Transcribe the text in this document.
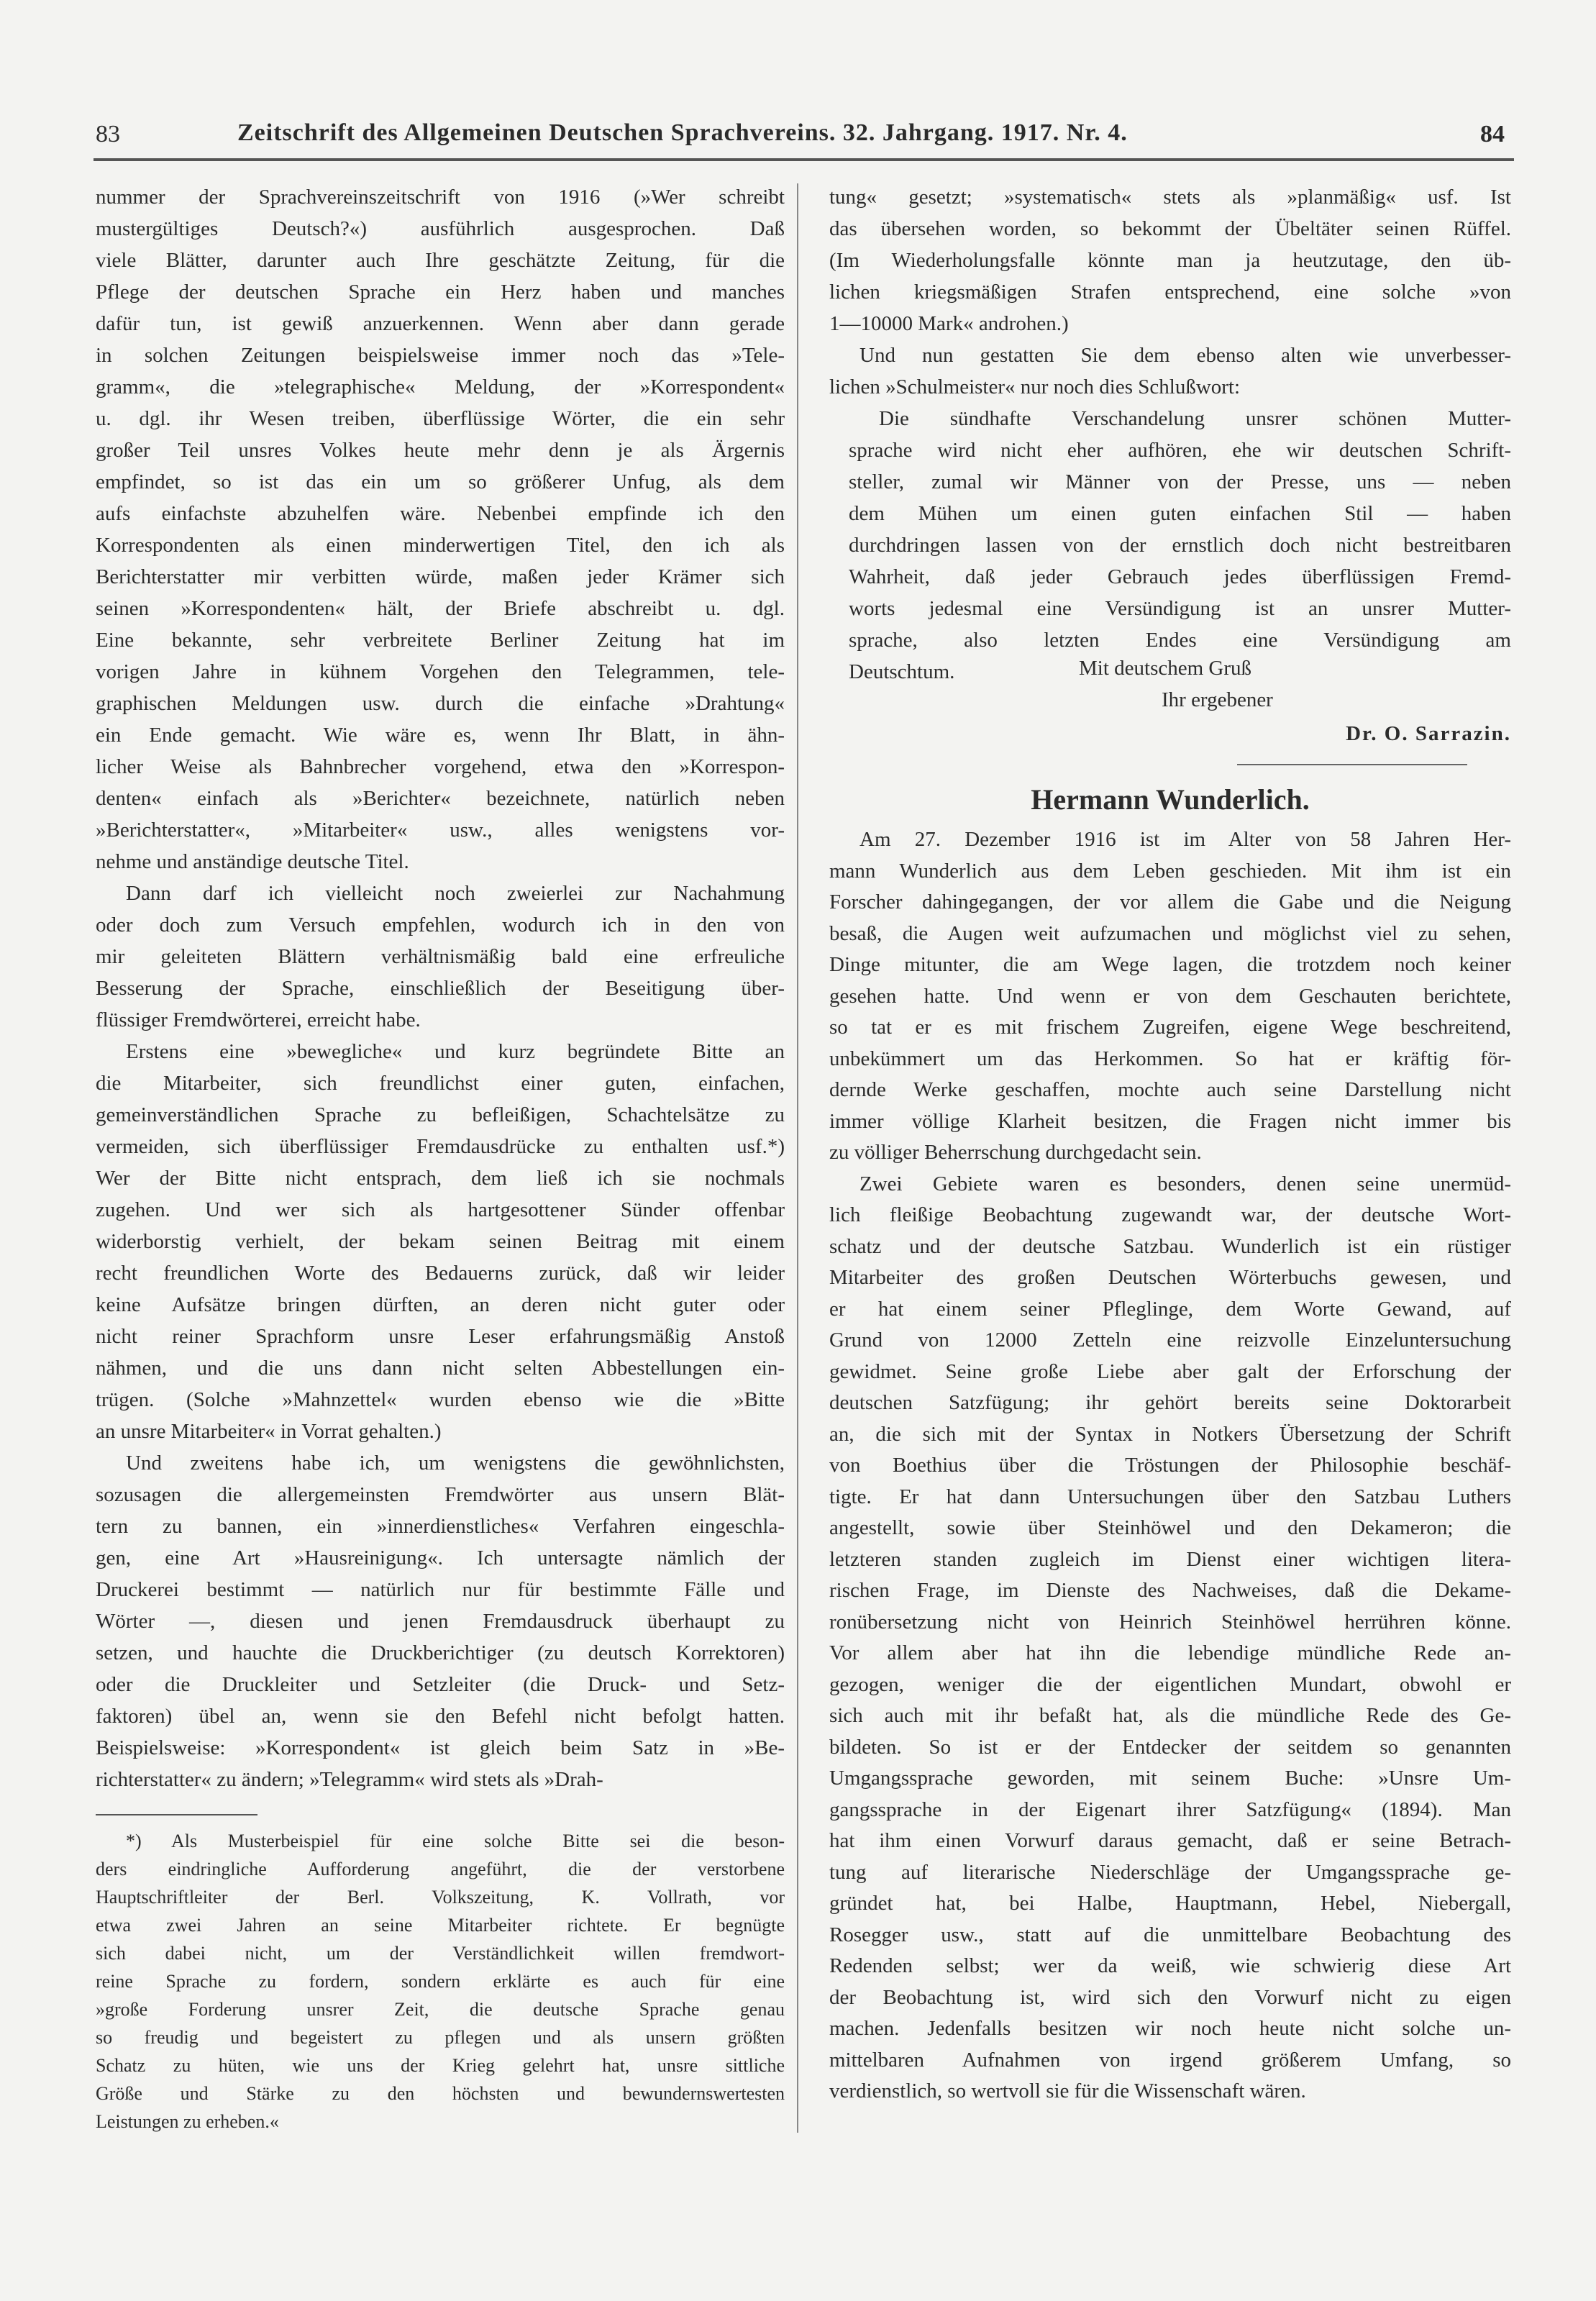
83	Zeitschrift des Allgemeinen Deutschen Sprachvereins. 32. Jahrgang. 1917. Nr. 4.	84
nummer der Sprachvereinszeitschrift von 1916 (»Wer schreibt
mustergültiges Deutsch?«) ausführlich ausgesprochen. Daß
viele Blätter, darunter auch Ihre geschätzte Zeitung, für die
Pflege der deutschen Sprache ein Herz haben und manches
dafür tun, ist gewiß anzuerkennen. Wenn aber dann gerade
in solchen Zeitungen beispielsweise immer noch das »Tele-
gramm«, die »telegraphische« Meldung, der »Korrespondent«
u. dgl. ihr Wesen treiben, überflüssige Wörter, die ein sehr
großer Teil unsres Volkes heute mehr denn je als Ärgernis
empfindet, so ist das ein um so größerer Unfug, als dem
aufs einfachste abzuhelfen wäre. Nebenbei empfinde ich den
Korrespondenten als einen minderwertigen Titel, den ich als
Berichterstatter mir verbitten würde, maßen jeder Krämer sich
seinen »Korrespondenten« hält, der Briefe abschreibt u. dgl.
Eine bekannte, sehr verbreitete Berliner Zeitung hat im
vorigen Jahre in kühnem Vorgehen den Telegrammen, tele-
graphischen Meldungen usw. durch die einfache »Drahtung«
ein Ende gemacht. Wie wäre es, wenn Ihr Blatt, in ähn-
licher Weise als Bahnbrecher vorgehend, etwa den »Korrespon-
denten« einfach als »Berichter« bezeichnete, natürlich neben
»Berichterstatter«, »Mitarbeiter« usw., alles wenigstens vor-
nehme und anständige deutsche Titel.
Dann darf ich vielleicht noch zweierlei zur Nachahmung
oder doch zum Versuch empfehlen, wodurch ich in den von
mir geleiteten Blättern verhältnismäßig bald eine erfreuliche
Besserung der Sprache, einschließlich der Beseitigung über-
flüssiger Fremdwörterei, erreicht habe.
Erstens eine »bewegliche« und kurz begründete Bitte an
die Mitarbeiter, sich freundlichst einer guten, einfachen,
gemeinverständlichen Sprache zu befleißigen, Schachtelsätze zu
vermeiden, sich überflüssiger Fremdausdrücke zu enthalten usf.*)
Wer der Bitte nicht entsprach, dem ließ ich sie nochmals
zugehen. Und wer sich als hartgesottener Sünder offenbar
widerborstig verhielt, der bekam seinen Beitrag mit einem
recht freundlichen Worte des Bedauerns zurück, daß wir leider
keine Aufsätze bringen dürften, an deren nicht guter oder
nicht reiner Sprachform unsre Leser erfahrungsmäßig Anstoß
nähmen, und die uns dann nicht selten Abbestellungen ein-
trügen. (Solche »Mahnzettel« wurden ebenso wie die »Bitte
an unsre Mitarbeiter« in Vorrat gehalten.)
Und zweitens habe ich, um wenigstens die gewöhnlichsten,
sozusagen die allergemeinsten Fremdwörter aus unsern Blät-
tern zu bannen, ein »innerdienstliches« Verfahren eingeschla-
gen, eine Art »Hausreinigung«. Ich untersagte nämlich der
Druckerei bestimmt — natürlich nur für bestimmte Fälle und
Wörter —, diesen und jenen Fremdausdruck überhaupt zu
setzen, und hauchte die Druckberichtiger (zu deutsch Korrektoren)
oder die Druckleiter und Setzleiter (die Druck- und Setz-
faktoren) übel an, wenn sie den Befehl nicht befolgt hatten.
Beispielsweise: »Korrespondent« ist gleich beim Satz in »Be-
richterstatter« zu ändern; »Telegramm« wird stets als »Drah-
*) Als Musterbeispiel für eine solche Bitte sei die beson-
ders eindringliche Aufforderung angeführt, die der verstorbene
Hauptschriftleiter der Berl. Volkszeitung, K. Vollrath, vor
etwa zwei Jahren an seine Mitarbeiter richtete. Er begnügte
sich dabei nicht, um der Verständlichkeit willen fremdwort-
reine Sprache zu fordern, sondern erklärte es auch für eine
»große Forderung unsrer Zeit, die deutsche Sprache genau
so freudig und begeistert zu pflegen und als unsern größten
Schatz zu hüten, wie uns der Krieg gelehrt hat, unsre sittliche
Größe und Stärke zu den höchsten und bewundernswertesten
Leistungen zu erheben.«
tung« gesetzt; »systematisch« stets als »planmäßig« usf. Ist
das übersehen worden, so bekommt der Übeltäter seinen Rüffel.
(Im Wiederholungsfalle könnte man ja heutzutage, den üb-
lichen kriegsmäßigen Strafen entsprechend, eine solche »von
1—10000 Mark« androhen.)
Und nun gestatten Sie dem ebenso alten wie unverbesser-
lichen »Schulmeister« nur noch dies Schlußwort:
Die sündhafte Verschandelung unsrer schönen Mutter-
sprache wird nicht eher aufhören, ehe wir deutschen Schrift-
steller, zumal wir Männer von der Presse, uns — neben
dem Mühen um einen guten einfachen Stil — haben
durchdringen lassen von der ernstlich doch nicht bestreitbaren
Wahrheit, daß jeder Gebrauch jedes überflüssigen Fremd-
worts jedesmal eine Versündigung ist an unsrer Mutter-
sprache, also letzten Endes eine Versündigung am
Deutschtum.	Mit deutschem Gruß
Ihr ergebener
Dr. O. Sarrazin.
Hermann Wunderlich.
Am 27. Dezember 1916 ist im Alter von 58 Jahren Her-
mann Wunderlich aus dem Leben geschieden. Mit ihm ist ein
Forscher dahingegangen, der vor allem die Gabe und die Neigung
besaß, die Augen weit aufzumachen und möglichst viel zu sehen,
Dinge mitunter, die am Wege lagen, die trotzdem noch keiner
gesehen hatte. Und wenn er von dem Geschauten berichtete,
so tat er es mit frischem Zugreifen, eigene Wege beschreitend,
unbekümmert um das Herkommen. So hat er kräftig för-
dernde Werke geschaffen, mochte auch seine Darstellung nicht
immer völlige Klarheit besitzen, die Fragen nicht immer bis
zu völliger Beherrschung durchgedacht sein.
Zwei Gebiete waren es besonders, denen seine unermüd-
lich fleißige Beobachtung zugewandt war, der deutsche Wort-
schatz und der deutsche Satzbau. Wunderlich ist ein rüstiger
Mitarbeiter des großen Deutschen Wörterbuchs gewesen, und
er hat einem seiner Pfleglinge, dem Worte Gewand, auf
Grund von 12000 Zetteln eine reizvolle Einzeluntersuchung
gewidmet. Seine große Liebe aber galt der Erforschung der
deutschen Satzfügung; ihr gehört bereits seine Doktorarbeit
an, die sich mit der Syntax in Notkers Übersetzung der Schrift
von Boethius über die Tröstungen der Philosophie beschäf-
tigte. Er hat dann Untersuchungen über den Satzbau Luthers
angestellt, sowie über Steinhöwel und den Dekameron; die
letzteren standen zugleich im Dienst einer wichtigen litera-
rischen Frage, im Dienste des Nachweises, daß die Dekame-
ronübersetzung nicht von Heinrich Steinhöwel herrühren könne.
Vor allem aber hat ihn die lebendige mündliche Rede an-
gezogen, weniger die der eigentlichen Mundart, obwohl er
sich auch mit ihr befaßt hat, als die mündliche Rede des Ge-
bildeten. So ist er der Entdecker der seitdem so genannten
Umgangssprache geworden, mit seinem Buche: »Unsre Um-
gangssprache in der Eigenart ihrer Satzfügung« (1894). Man
hat ihm einen Vorwurf daraus gemacht, daß er seine Betrach-
tung auf literarische Niederschläge der Umgangssprache ge-
gründet hat, bei Halbe, Hauptmann, Hebel, Niebergall,
Rosegger usw., statt auf die unmittelbare Beobachtung des
Redenden selbst; wer da weiß, wie schwierig diese Art
der Beobachtung ist, wird sich den Vorwurf nicht zu eigen
machen. Jedenfalls besitzen wir noch heute nicht solche un-
mittelbaren Aufnahmen von irgend größerem Umfang, so
verdienstlich, so wertvoll sie für die Wissenschaft wären.
